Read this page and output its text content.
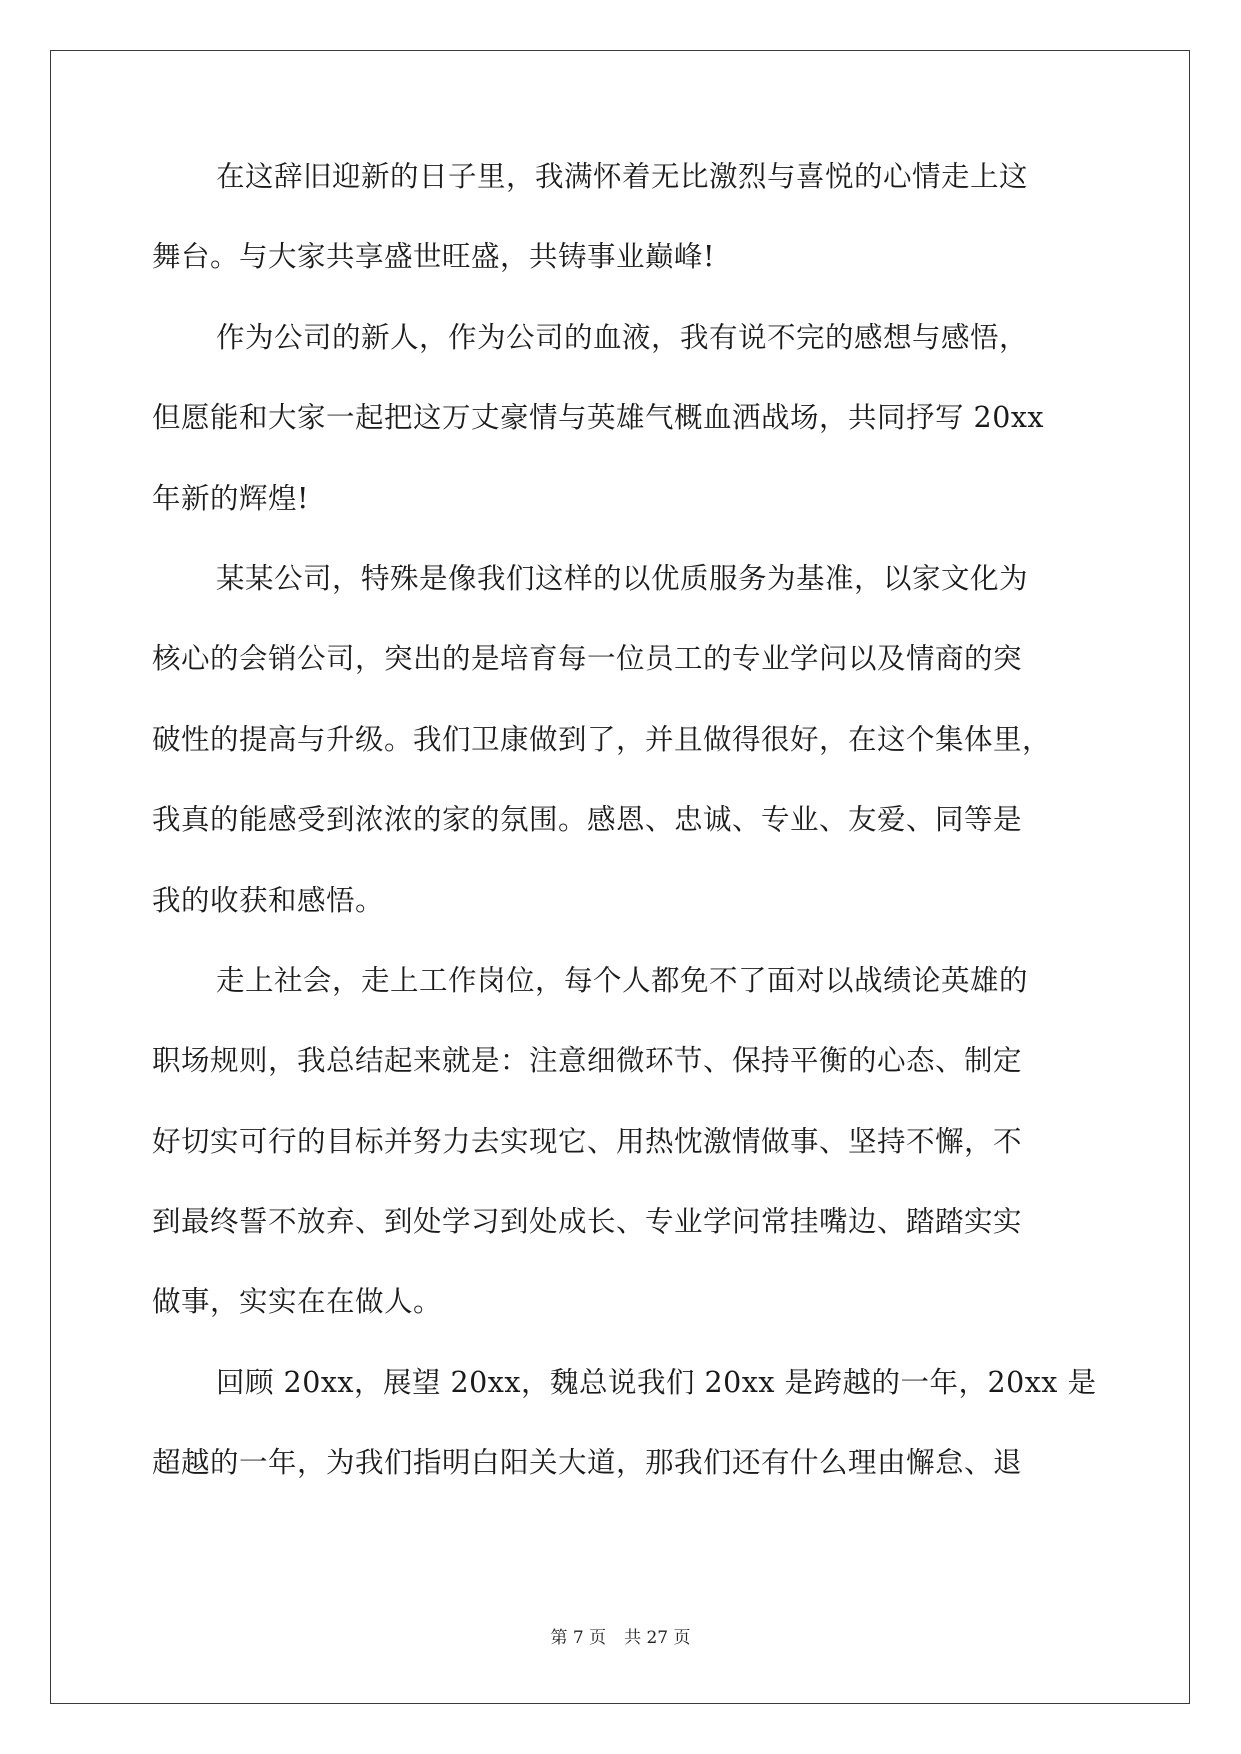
在这辞旧迎新的日子里，我满怀着无比激烈与喜悦的心情走上这
舞台。与大家共享盛世旺盛，共铸事业巅峰!
作为公司的新人，作为公司的血液，我有说不完的感想与感悟，
但愿能和大家一起把这万丈豪情与英雄气概血洒战场，共同抒写 20xx
年新的辉煌!
某某公司，特殊是像我们这样的以优质服务为基准，以家文化为
核心的会销公司，突出的是培育每一位员工的专业学问以及情商的突
破性的提高与升级。我们卫康做到了，并且做得很好，在这个集体里，
我真的能感受到浓浓的家的氛围。感恩、忠诚、专业、友爱、同等是
我的收获和感悟。
走上社会，走上工作岗位，每个人都免不了面对以战绩论英雄的
职场规则，我总结起来就是：注意细微环节、保持平衡的心态、制定
好切实可行的目标并努力去实现它、用热忱激情做事、坚持不懈，不
到最终誓不放弃、到处学习到处成长、专业学问常挂嘴边、踏踏实实
做事，实实在在做人。
回顾 20xx，展望 20xx，魏总说我们 20xx 是跨越的一年，20xx 是
超越的一年，为我们指明白阳关大道，那我们还有什么理由懈怠、退
第 7 页 共 27 页
